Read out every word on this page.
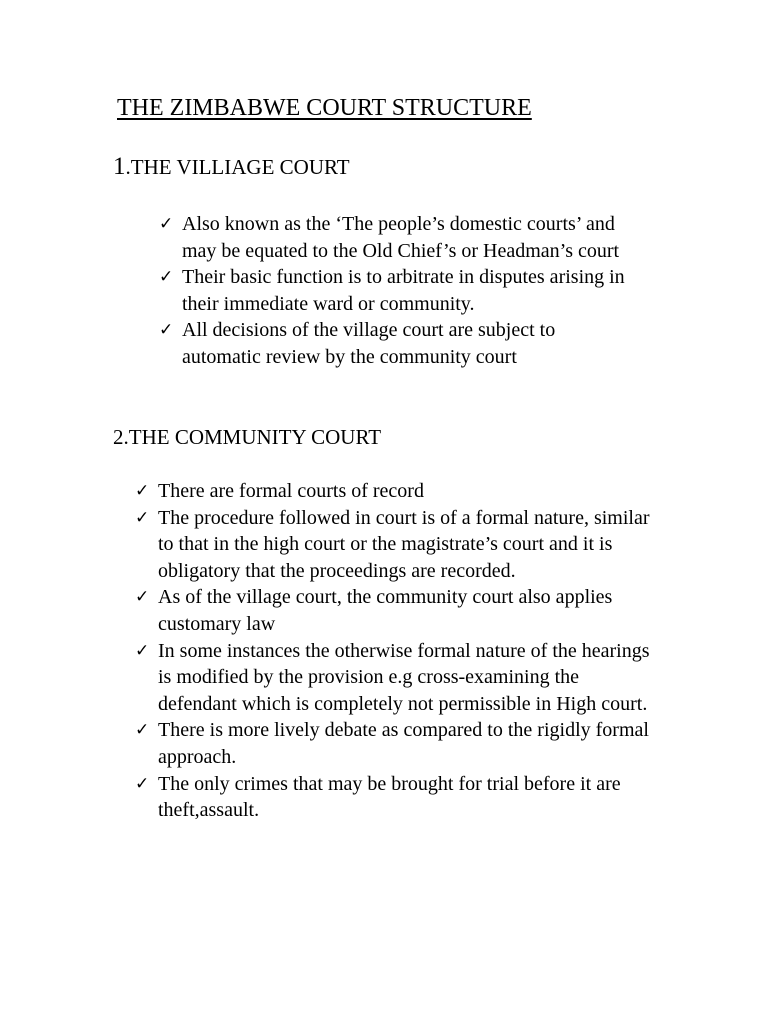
THE ZIMBABWE COURT STRUCTURE
1.THE VILLIAGE COURT
✓ Also known as the ‘The people’s domestic courts’ and may be equated to the Old Chief’s or Headman’s court
✓ Their basic function is to arbitrate in disputes arising in their immediate ward or community.
✓ All decisions of the village court are subject to automatic review by the community court
2.THE COMMUNITY COURT
✓ There are formal courts of record
✓ The procedure followed in court is of a formal nature, similar to that in the high court or the magistrate’s court and it is obligatory that the proceedings are recorded.
✓ As of the village court, the community court also applies customary law
✓ In some instances the otherwise formal nature of the hearings is modified by the provision e.g cross-examining the defendant which is completely not permissible in High court.
✓ There is more lively debate as compared to the rigidly formal approach.
✓ The only crimes that may be brought for trial before it are theft,assault.
